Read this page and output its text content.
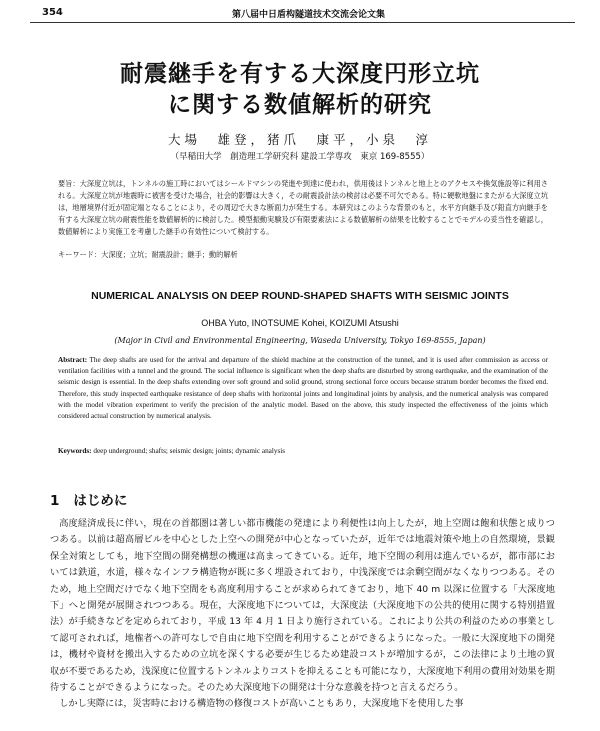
354	第八届中日盾构隧道技术交流会论文集
耐震継手を有する大深度円形立坑
に関する数値解析的研究
大場　雄登，猪爪　康平，小泉　淳
（早稲田大学　創造理工学研究科 建設工学専攻　東京 169-8555）
要旨：大深度立坑は，トンネルの施工時においてはシールドマシンの発進や到達に使われ，供用後はトンネルと地上とのアクセスや換気施設等に利用される。大深度立坑が地震時に被害を受けた場合，社会的影響は大きく，その耐震設計法の検討は必要不可欠である。特に硬軟地盤にまたがる大深度立坑は，地層境界付近が固定端となることにより，その周辺で大きな断面力が発生する。本研究はこのような背景のもと，水平方向継手及び鉛直方向継手を有する大深度立坑の耐震性能を数値解析的に検討した。模型振動実験及び有限要素法による数値解析の結果を比較することでモデルの妥当性を確認し，数値解析により実施工を考慮した継手の有効性について検討する。
キーワード：大深度；立坑；耐震設計；継手；動的解析
NUMERICAL ANALYSIS ON DEEP ROUND-SHAPED SHAFTS WITH SEISMIC JOINTS
OHBA Yuto, INOTSUME Kohei, KOIZUMI Atsushi
(Major in Civil and Environmental Engineering, Waseda University, Tokyo 169-8555, Japan)
Abstract: The deep shafts are used for the arrival and departure of the shield machine at the construction of the tunnel, and it is used after commission as access or ventilation facilities with a tunnel and the ground. The social influence is significant when the deep shafts are disturbed by strong earthquake, and the examination of the seismic design is essential. In the deep shafts extending over soft ground and solid ground, strong sectional force occurs because stratum border becomes the fixed end. Therefore, this study inspected earthquake resistance of deep shafts with horizontal joints and longitudinal joints by analysis, and the numerical analysis was compared with the model vibration experiment to verify the precision of the analytic model. Based on the above, this study inspected the effectiveness of the joints which considered actual construction by numerical analysis.
Keywords: deep underground; shafts; seismic design; joints; dynamic analysis
1 はじめに

高度経済成長に伴い，現在の首都圏は著しい都市機能の発達により利便性は向上したが，地上空間は飽和状態と成りつつある。以前は超高層ビルを中心とした上空への開発が中心となっていたが，近年では地震対策や地上の自然環境，景観保全対策としても，地下空間の開発構想の機運は高まってきている。近年，地下空間の利用は進んでいるが，都市部においては鉄道，水道，様々なインフラ構造物が既に多く埋設されており，中浅深度では余剰空間がなくなりつつある。そのため，地上空間だけでなく地下空間をも高度利用することが求められてきており，地下 40 m 以深に位置する「大深度地下」へと開発が展開されつつある。現在，大深度地下については，大深度法（大深度地下の公共的使用に関する特別措置法）が手続きなどを定められており，平成 13 年 4 月 1 日より施行されている。これにより公共の利益のための事業として認可されれば，地権者への許可なしで自由に地下空間を利用することができるようになった。一般に大深度地下の開発は，機材や資材を搬出入するための立坑を深くする必要が生じるため建設コストが増加するが，この法律により土地の買収が不要であるため，浅深度に位置するトンネルよりコストを抑えることも可能になり，大深度地下利用の費用対効果を期待することができるようになった。そのため大深度地下の開発は十分な意義を持つと言えるだろう。

しかし実際には，災害時における構造物の修復コストが高いこともあり，大深度地下を使用した事
